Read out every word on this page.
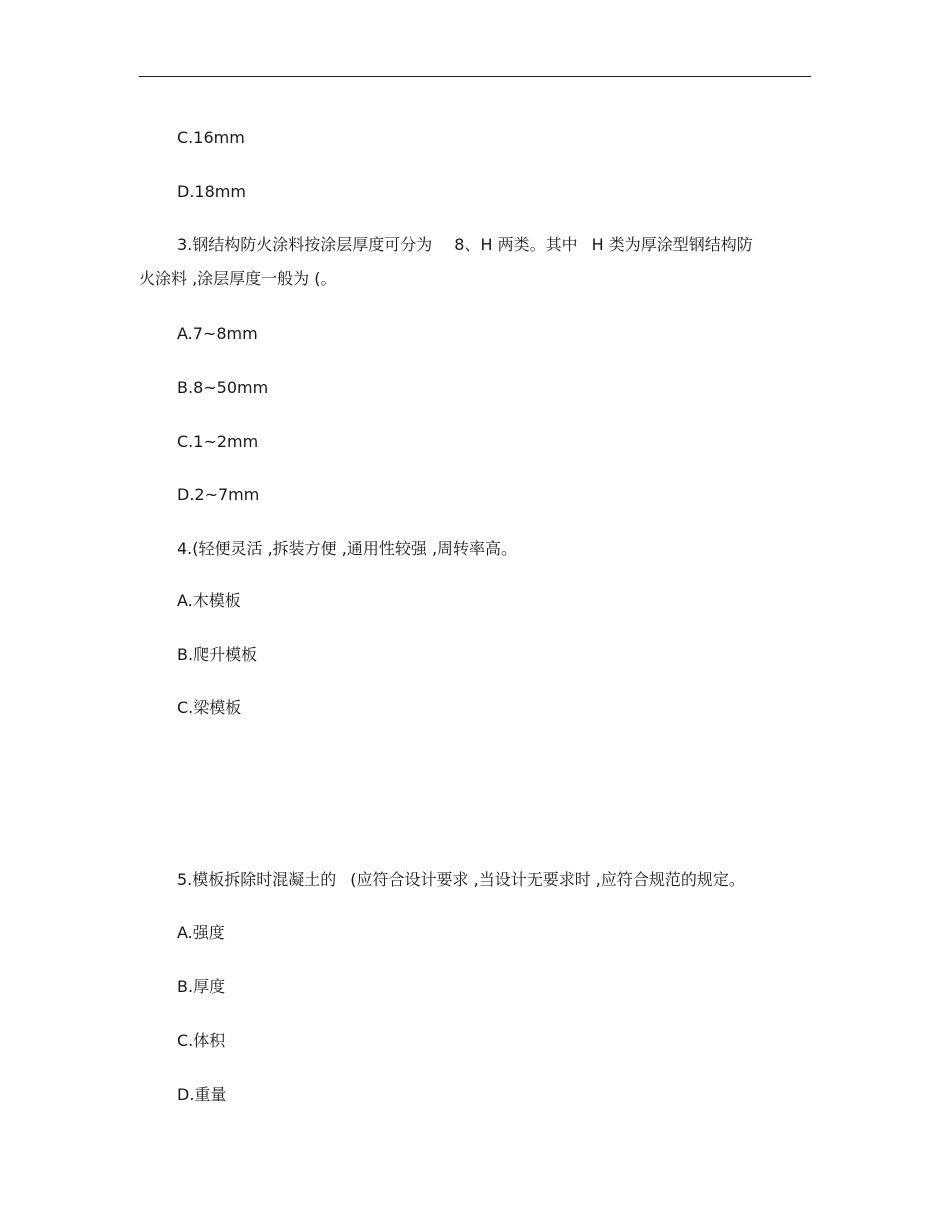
C.16mm
D.18mm
3.钢结构防火涂料按涂层厚度可分为 8、H 两类。其中 H 类为厚涂型钢结构防
火涂料 ,涂层厚度一般为 (。
A.7~8mm
B.8~50mm
C.1~2mm
D.2~7mm
4.(轻便灵活 ,拆装方便 ,通用性较强 ,周转率高。
A.木模板
B.爬升模板
C.梁模板
5.模板拆除时混凝土的 (应符合设计要求 ,当设计无要求时 ,应符合规范的规定。
A.强度
B.厚度
C.体积
D.重量
